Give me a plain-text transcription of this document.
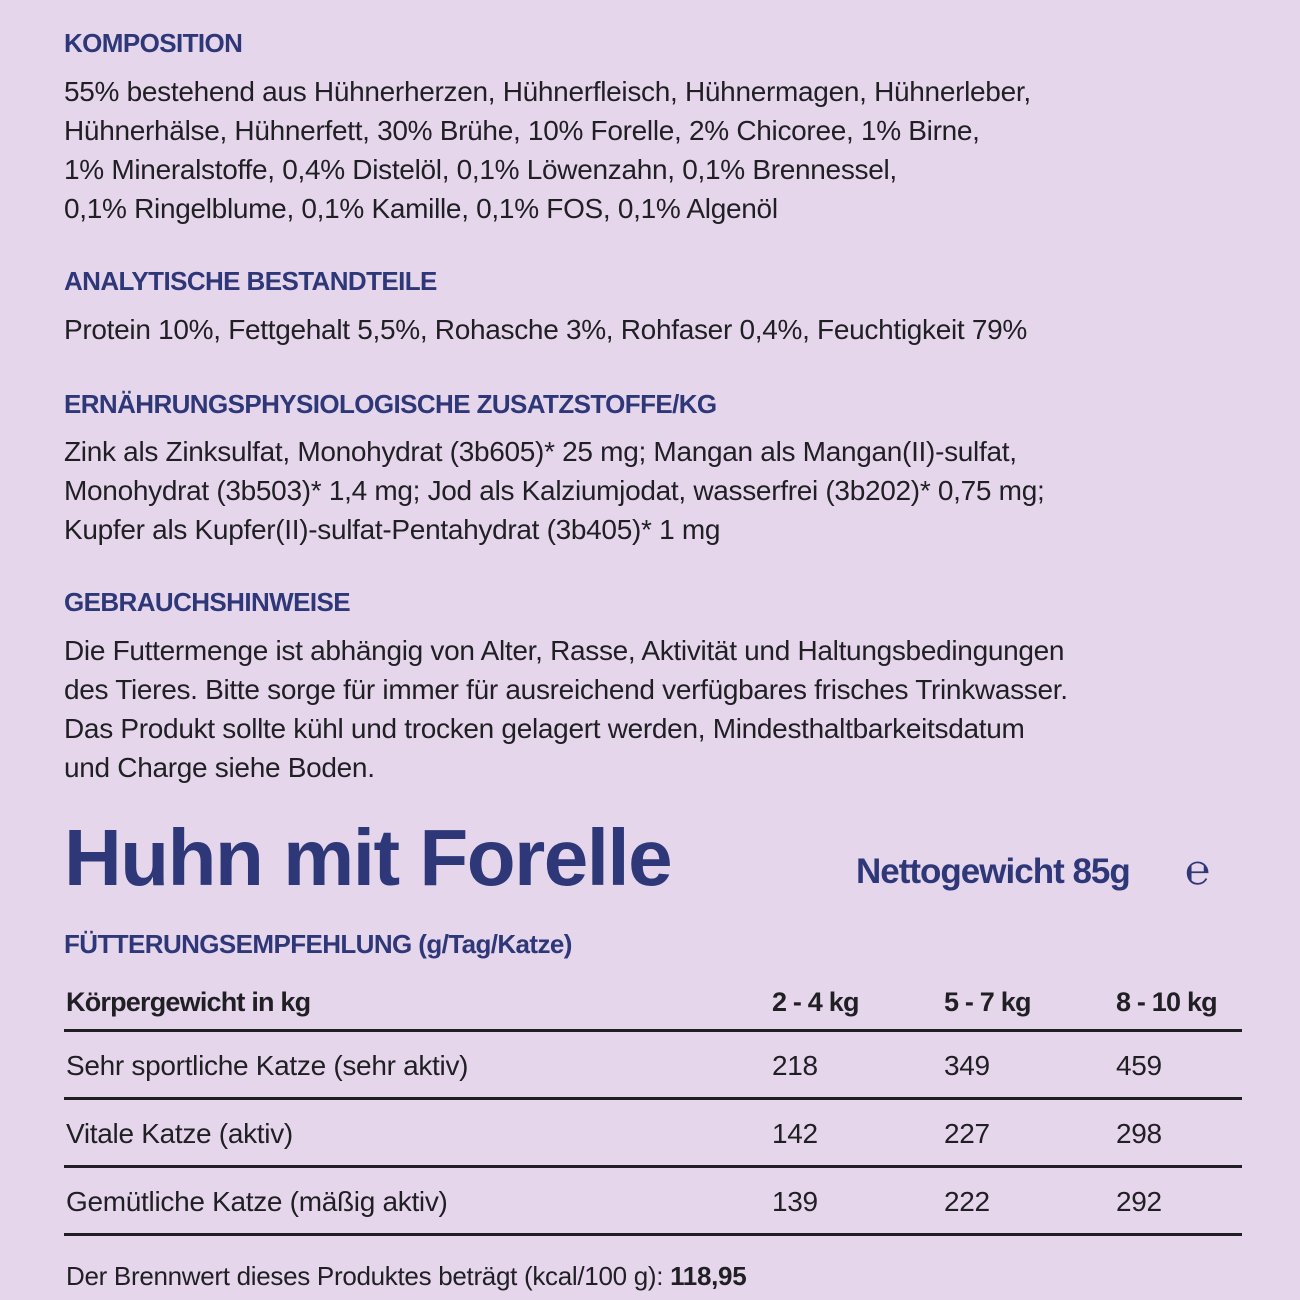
KOMPOSITION
55% bestehend aus Hühnerherzen, Hühnerfleisch, Hühnermagen, Hühnerleber,
Hühnerhälse, Hühnerfett, 30% Brühe, 10% Forelle, 2% Chicoree, 1% Birne,
1% Mineralstoffe, 0,4% Distelöl, 0,1% Löwenzahn, 0,1% Brennessel,
0,1% Ringelblume, 0,1% Kamille, 0,1% FOS, 0,1% Algenöl
ANALYTISCHE BESTANDTEILE
Protein 10%, Fettgehalt 5,5%, Rohasche 3%, Rohfaser 0,4%, Feuchtigkeit 79%
ERNÄHRUNGSPHYSIOLOGISCHE ZUSATZSTOFFE/KG
Zink als Zinksulfat, Monohydrat (3b605)* 25 mg; Mangan als Mangan(II)-sulfat,
Monohydrat (3b503)* 1,4 mg; Jod als Kalziumjodat, wasserfrei (3b202)* 0,75 mg;
Kupfer als Kupfer(II)-sulfat-Pentahydrat (3b405)* 1 mg
GEBRAUCHSHINWEISE
Die Futtermenge ist abhängig von Alter, Rasse, Aktivität und Haltungsbedingungen
des Tieres. Bitte sorge für immer für ausreichend verfügbares frisches Trinkwasser.
Das Produkt sollte kühl und trocken gelagert werden, Mindesthaltbarkeitsdatum
und Charge siehe Boden.
Huhn mit Forelle	Nettogewicht 85g ℮
FÜTTERUNGSEMPFEHLUNG (g/Tag/Katze)
Körpergewicht in kg	2 - 4 kg	5 - 7 kg	8 - 10 kg
Sehr sportliche Katze (sehr aktiv)	218	349	459
Vitale Katze (aktiv)	142	227	298
Gemütliche Katze (mäßig aktiv)	139	222	292
Der Brennwert dieses Produktes beträgt (kcal/100 g): 118,95
